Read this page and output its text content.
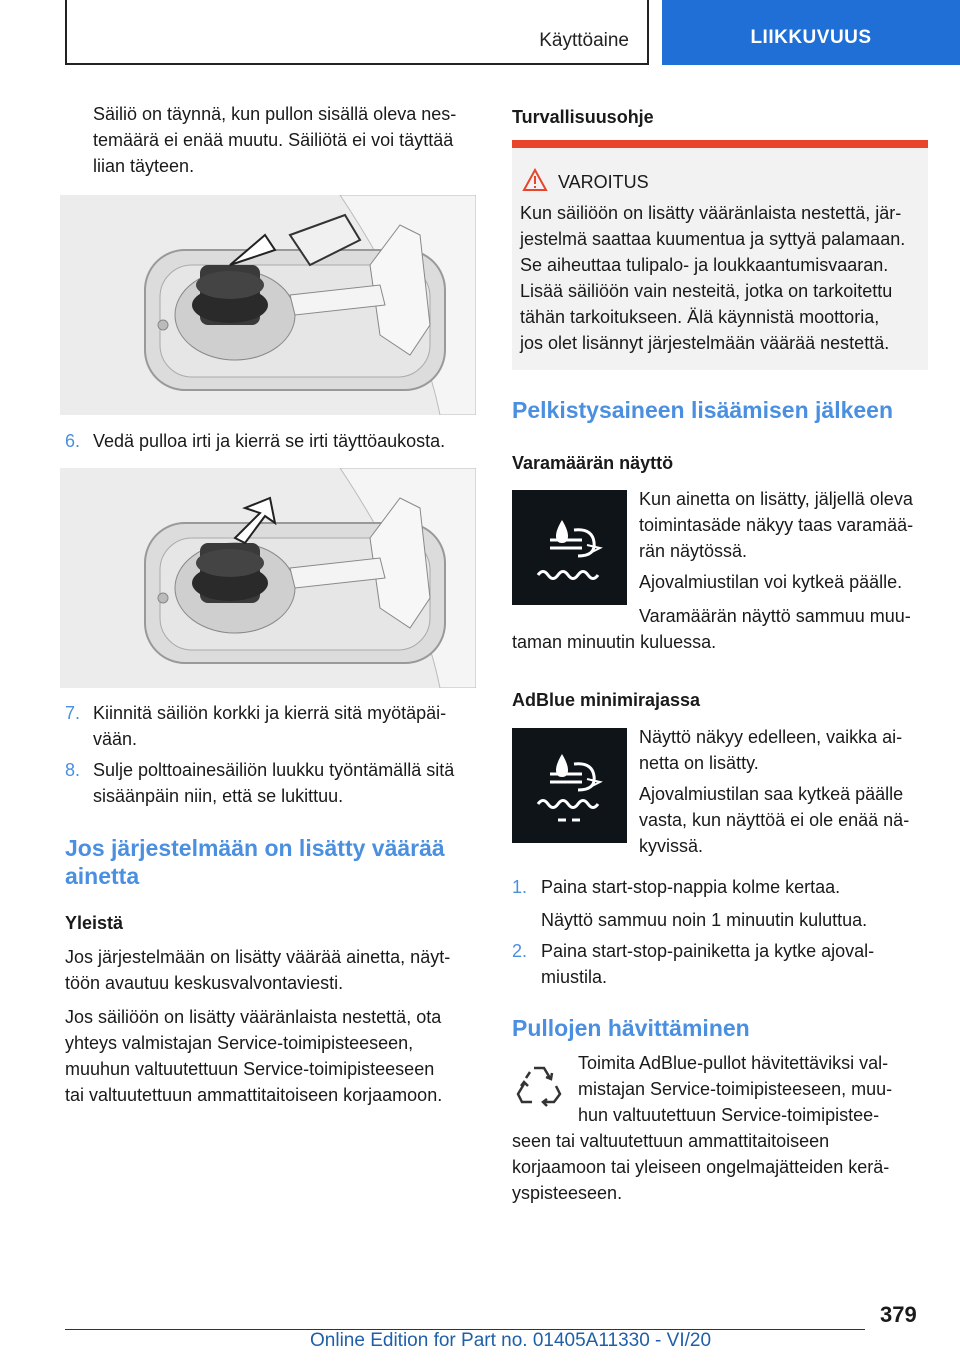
Käyttöaine	LIIKKUVUUS
Säiliö on täynnä, kun pullon sisällä oleva nes-
temäärä ei enää muutu. Säiliötä ei voi täyttää
liian täyteen.
6. Vedä pulloa irti ja kierrä se irti täyttöaukosta.
7. Kiinnitä säiliön korkki ja kierrä sitä myötäpäi-
vään.
8. Sulje polttoainesäiliön luukku työntämällä sitä
sisäänpäin niin, että se lukittuu.
Jos järjestelmään on lisätty väärää
ainetta
Yleistä
Jos järjestelmään on lisätty väärää ainetta, näyt-
töön avautuu keskusvalvontaviesti.
Jos säiliöön on lisätty vääränlaista nestettä, ota
yhteys valmistajan Service-toimipisteeseen,
muuhun valtuutettuun Service-toimipisteeseen
tai valtuutettuun ammattitaitoiseen korjaamoon.
Turvallisuusohje
VAROITUS
Kun säiliöön on lisätty vääränlaista nestettä, jär-
jestelmä saattaa kuumentua ja syttyä palamaan.
Se aiheuttaa tulipalo- ja loukkaantumisvaaran.
Lisää säiliöön vain nesteitä, jotka on tarkoitettu
tähän tarkoitukseen. Älä käynnistä moottoria,
jos olet lisännyt järjestelmään väärää nestettä.
Pelkistysaineen lisäämisen jälkeen
Varamäärän näyttö
Kun ainetta on lisätty, jäljellä oleva
toimintasäde näkyy taas varamää-
rän näytössä.
Ajovalmiustilan voi kytkeä päälle.
Varamäärän näyttö sammuu muu-
taman minuutin kuluessa.
AdBlue minimirajassa
Näyttö näkyy edelleen, vaikka ai-
netta on lisätty.
Ajovalmiustilan saa kytkeä päälle
vasta, kun näyttöä ei ole enää nä-
kyvissä.
1. Paina start-stop-nappia kolme kertaa.
Näyttö sammuu noin 1 minuutin kuluttua.
2. Paina start-stop-painiketta ja kytke ajoval-
miustila.
Pullojen hävittäminen
Toimita AdBlue-pullot hävitettäviksi val-
mistajan Service-toimipisteeseen, muu-
hun valtuutettuun Service-toimipistee-
seen tai valtuutettuun ammattitaitoiseen
korjaamoon tai yleiseen ongelmajätteiden kerä-
yspisteeseen.
379
Online Edition for Part no. 01405A11330 - VI/20
